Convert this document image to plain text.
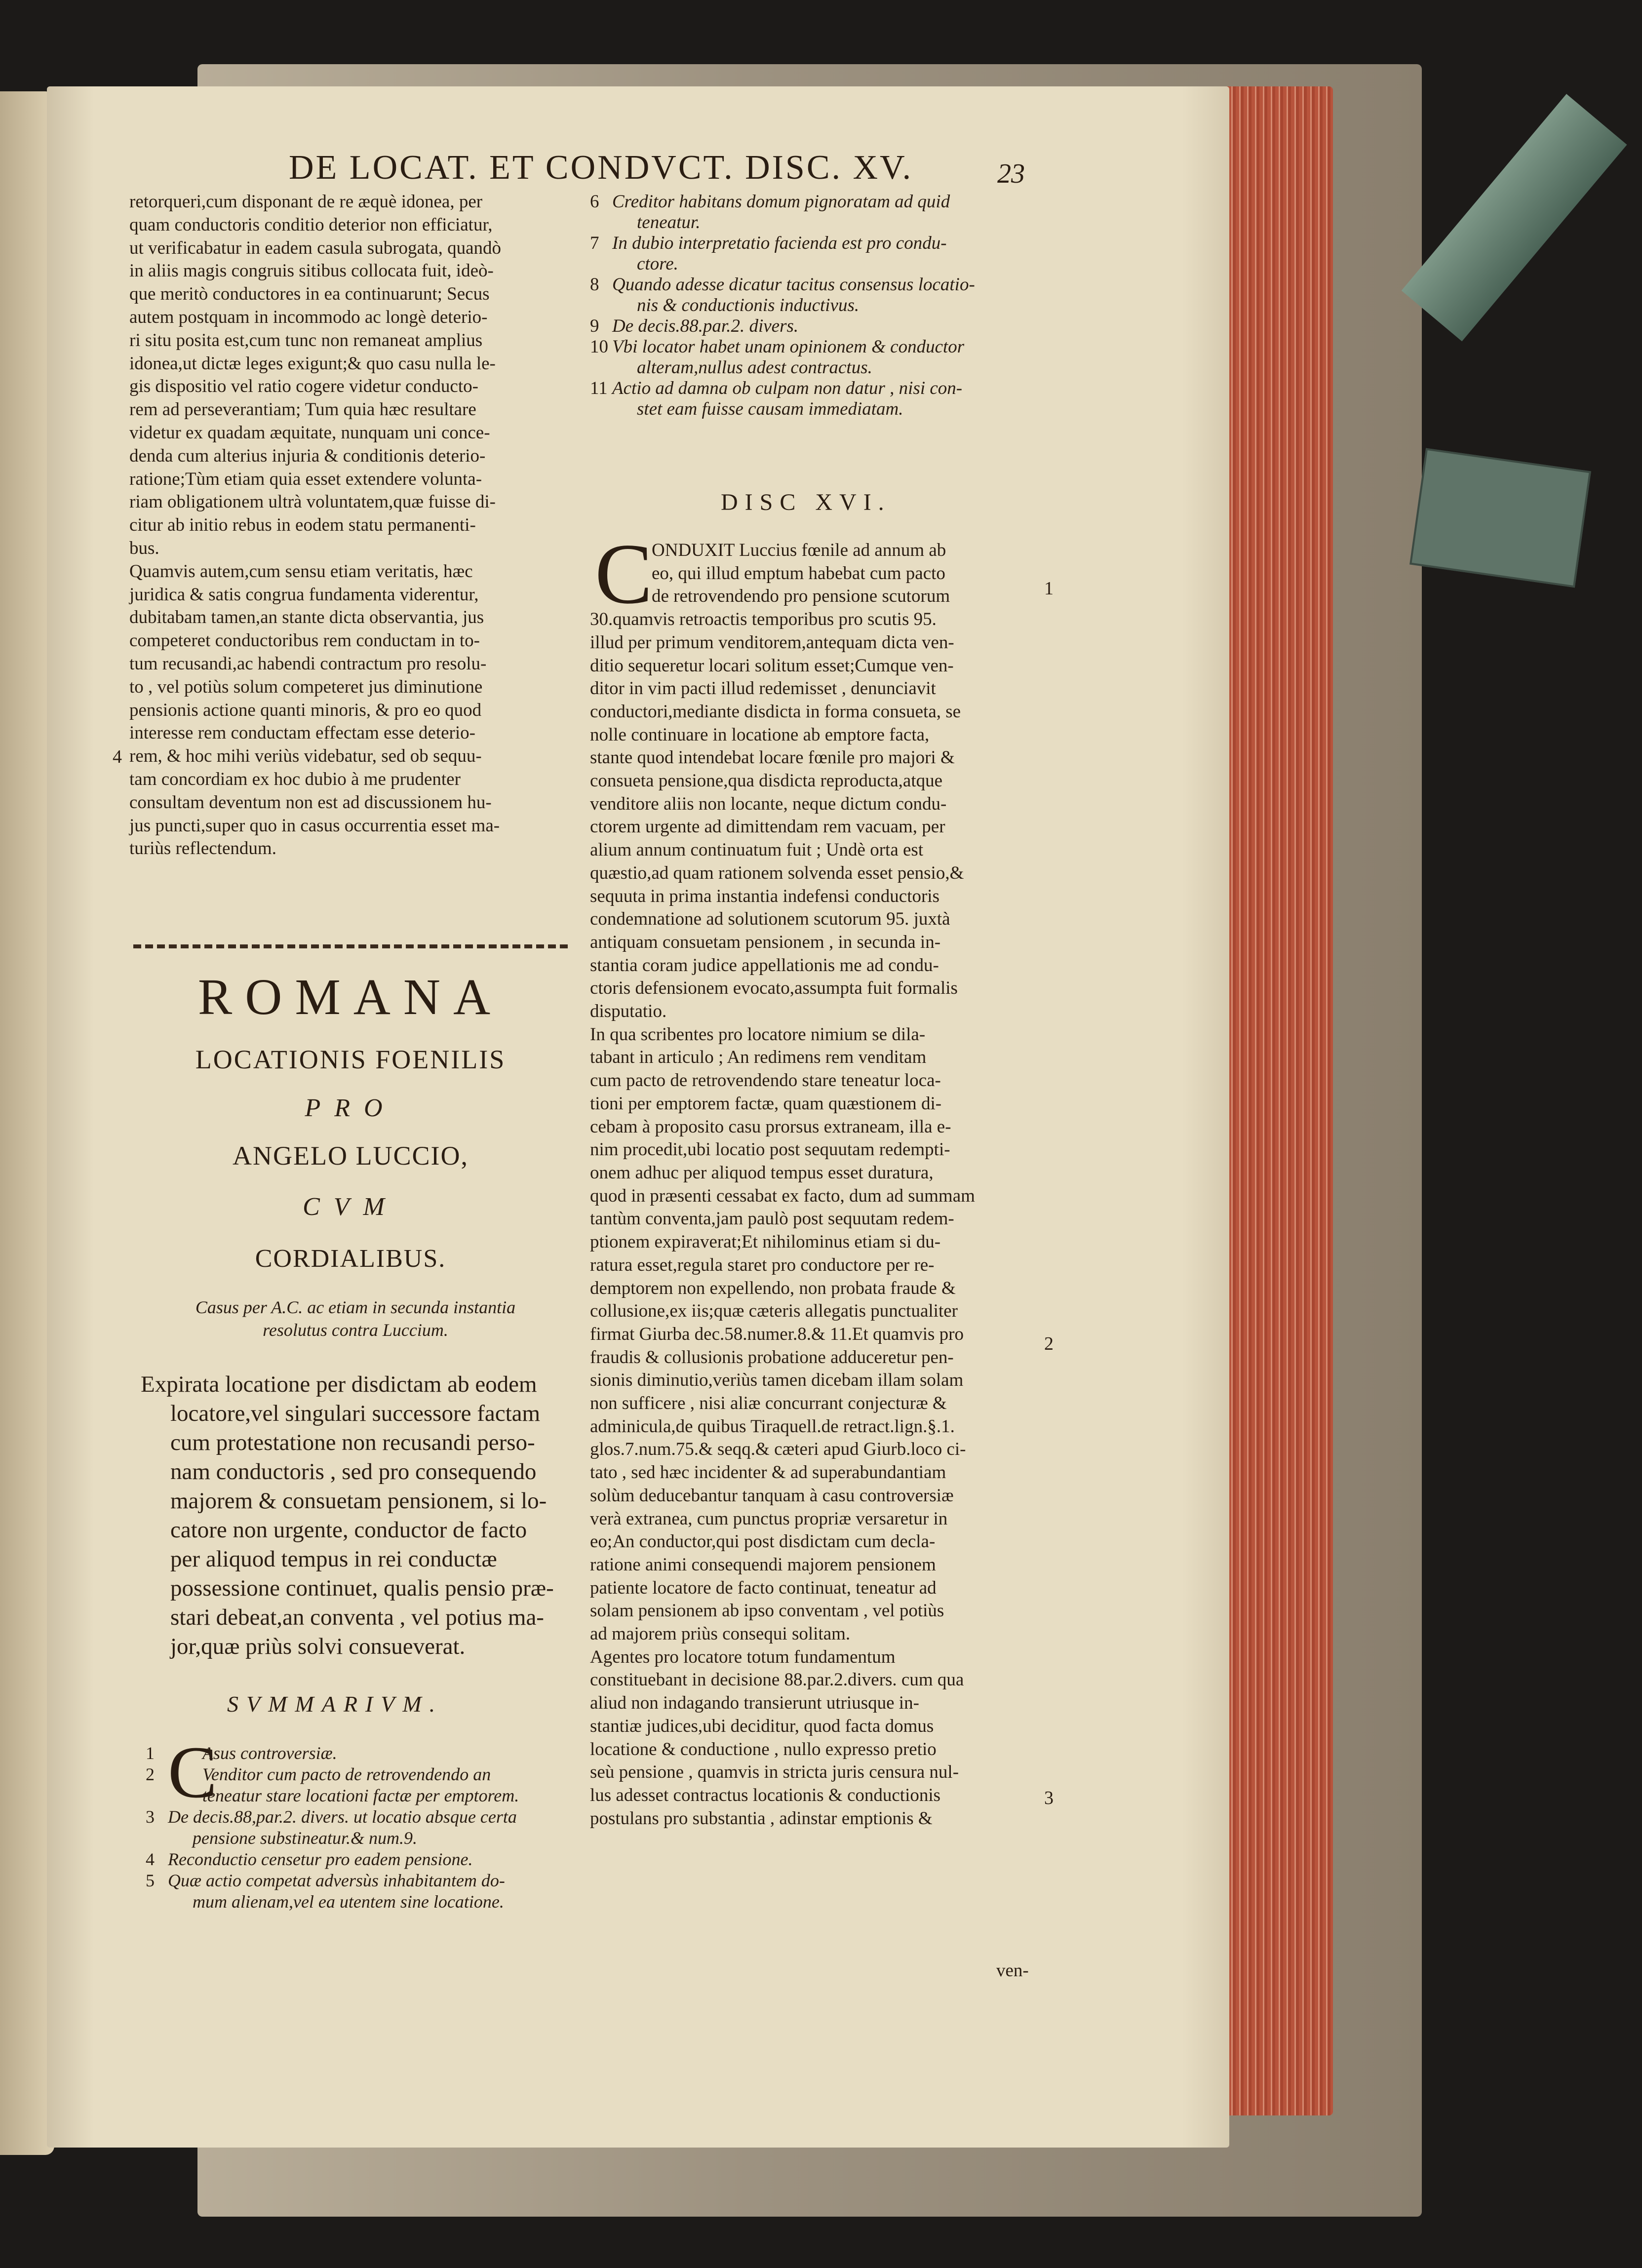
DE LOCAT. ET CONDVCT. DISC. XV.	23
retorqueri,cum disponant de re æquè idonea, per
quam conductoris conditio deterior non efficiatur,
ut verificabatur in eadem casula subrogata, quandò
in aliis magis congruis sitibus collocata fuit, ideò-
que meritò conductores in ea continuarunt; Secus
autem postquam in incommodo ac longè deterio-
ri situ posita est,cum tunc non remaneat amplius
idonea,ut dictæ leges exigunt;& quo casu nulla le-
gis dispositio vel ratio cogere videtur conducto-
rem ad perseverantiam; Tum quia hæc resultare
videtur ex quadam æquitate, nunquam uni conce-
denda cum alterius injuria & conditionis deterio-
ratione;Tùm etiam quia esset extendere volunta-
riam obligationem ultrà voluntatem,quæ fuisse di-
citur ab initio rebus in eodem statu permanenti-
bus.
Quamvis autem,cum sensu etiam veritatis, hæc
juridica & satis congrua fundamenta viderentur,
dubitabam tamen,an stante dicta observantia, jus
competeret conductoribus rem conductam in to-
tum recusandi,ac habendi contractum pro resolu-
to , vel potiùs solum competeret jus diminutione
pensionis actione quanti minoris, & pro eo quod
interesse rem conductam effectam esse deterio-
rem, & hoc mihi veriùs videbatur, sed ob sequu-
tam concordiam ex hoc dubio à me prudenter
consultam deventum non est ad discussionem hu-
jus puncti,super quo in casus occurrentia esset ma-
turiùs reflectendum.
4
ROMANA
LOCATIONIS FOENILIS
PRO
ANGELO LUCCIO,
CVM
CORDIALIBUS.
Casus per A.C. ac etiam in secunda instantia
resolutus contra Luccium.
Expirata locatione per disdictam ab eodem
locatore,vel singulari successore factam
cum protestatione non recusandi perso-
nam conductoris , sed pro consequendo
majorem & consuetam pensionem, si lo-
catore non urgente, conductor de facto
per aliquod tempus in rei conductæ
possessione continuet, qualis pensio præ-
stari debeat,an conventa , vel potius ma-
jor,quæ priùs solvi consueverat.
SVMMARIVM.
C
1	Asus controversiæ.
2	Venditor cum pacto de retrovendendo an
teneatur stare locationi factæ per emptorem.
3 De decis.88,par.2. divers. ut locatio absque certa
pensione substineatur.& num.9.
4 Reconductio censetur pro eadem pensione.
5 Quæ actio competat adversùs inhabitantem do-
mum alienam,vel ea utentem sine locatione.
6 Creditor habitans domum pignoratam ad quid
teneatur.
7 In dubio interpretatio facienda est pro condu-
ctore.
8 Quando adesse dicatur tacitus consensus locatio-
nis & conductionis inductivus.
9 De decis.88.par.2. divers.
10 Vbi locator habet unam opinionem & conductor
alteram,nullus adest contractus.
11 Actio ad damna ob culpam non datur , nisi con-
stet eam fuisse causam immediatam.
DISC XVI.
C
ONDUXIT Luccius fœnile ad annum ab
eo, qui illud emptum habebat cum pacto
de retrovendendo pro pensione scutorum
30.quamvis retroactis temporibus pro scutis 95.
illud per primum venditorem,antequam dicta ven-
ditio sequeretur locari solitum esset;Cumque ven-
ditor in vim pacti illud redemisset , denunciavit
conductori,mediante disdicta in forma consueta, se
nolle continuare in locatione ab emptore facta,
stante quod intendebat locare fœnile pro majori &
consueta pensione,qua disdicta reproducta,atque
venditore aliis non locante, neque dictum condu-
ctorem urgente ad dimittendam rem vacuam, per
alium annum continuatum fuit ; Undè orta est
quæstio,ad quam rationem solvenda esset pensio,&
sequuta in prima instantia indefensi conductoris
condemnatione ad solutionem scutorum 95. juxtà
antiquam consuetam pensionem , in secunda in-
stantia coram judice appellationis me ad condu-
ctoris defensionem evocato,assumpta fuit formalis
disputatio.
In qua scribentes pro locatore nimium se dila-
tabant in articulo ; An redimens rem venditam
cum pacto de retrovendendo stare teneatur loca-
tioni per emptorem factæ, quam quæstionem di-
cebam à proposito casu prorsus extraneam, illa e-
nim procedit,ubi locatio post sequutam redempti-
onem adhuc per aliquod tempus esset duratura,
quod in præsenti cessabat ex facto, dum ad summam
tantùm conventa,jam paulò post sequutam redem-
ptionem expiraverat;Et nihilominus etiam si du-
ratura esset,regula staret pro conductore per re-
demptorem non expellendo, non probata fraude &
collusione,ex iis;quæ cæteris allegatis punctualiter
firmat Giurba dec.58.numer.8.& 11.Et quamvis pro
fraudis & collusionis probatione adduceretur pen-
sionis diminutio,veriùs tamen dicebam illam solam
non sufficere , nisi aliæ concurrant conjecturæ &
adminicula,de quibus Tiraquell.de retract.lign.§.1.
glos.7.num.75.& seqq.& cæteri apud Giurb.loco ci-
tato , sed hæc incidenter & ad superabundantiam
solùm deducebantur tanquam à casu controversiæ
verà extranea, cum punctus propriæ versaretur in
eo;An conductor,qui post disdictam cum decla-
ratione animi consequendi majorem pensionem
patiente locatore de facto continuat, teneatur ad
solam pensionem ab ipso conventam , vel potiùs
ad majorem priùs consequi solitam.
Agentes pro locatore totum fundamentum
constituebant in decisione 88.par.2.divers. cum qua
aliud non indagando transierunt utriusque in-
stantiæ judices,ubi deciditur, quod facta domus
locatione & conductione , nullo expresso pretio
seù pensione , quamvis in stricta juris censura nul-
lus adesset contractus locationis & conductionis
postulans pro substantia , adinstar emptionis &
1
2
3
ven-
